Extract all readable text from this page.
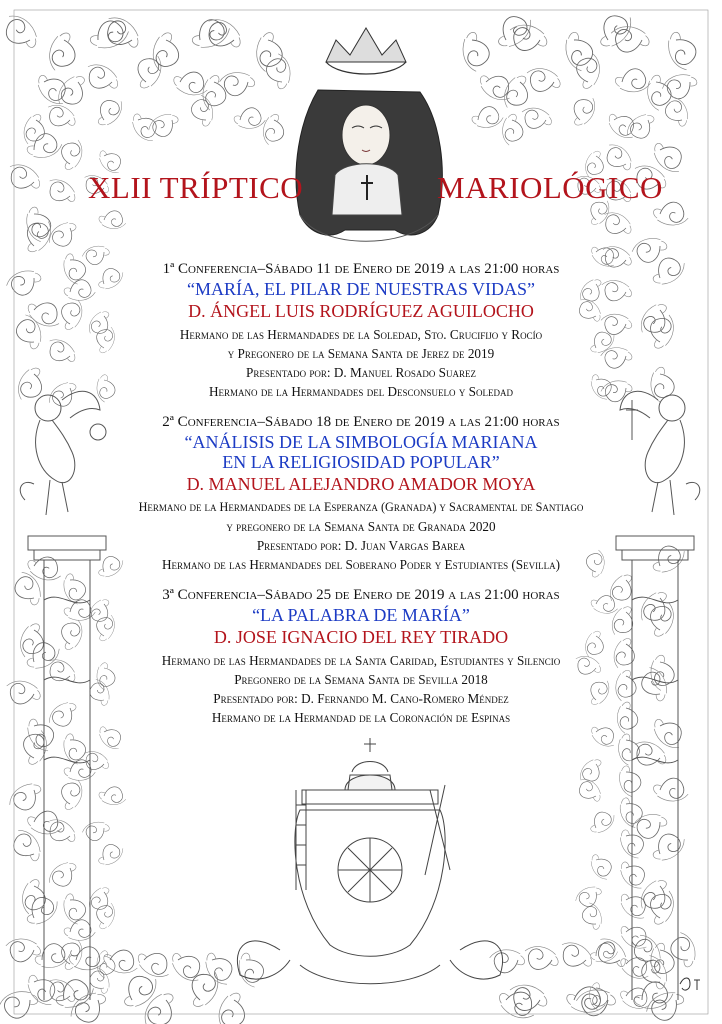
XLII TRÍPTICO	MARIOLÓGICO
1ª Conferencia–Sábado 11 de Enero de 2019 a las 21:00 horas
“MARÍA, EL PILAR DE NUESTRAS VIDAS”
D. ÁNGEL LUIS RODRÍGUEZ AGUILOCHO
Hermano de las Hermandades de la Soledad, Sto. Crucifijo y Rocío
y Pregonero de la Semana Santa de Jerez de 2019
Presentado por: D. Manuel Rosado Suarez
Hermano de la Hermandades del Desconsuelo y Soledad
2ª Conferencia–Sábado 18 de Enero de 2019 a las 21:00 horas
“ANÁLISIS DE LA SIMBOLOGÍA MARIANA
EN LA RELIGIOSIDAD POPULAR”
D. MANUEL ALEJANDRO AMADOR MOYA
Hermano de la Hermandades de la Esperanza (Granada) y Sacramental de Santiago
y pregonero de la Semana Santa de Granada 2020
Presentado por: D. Juan Vargas Barea
Hermano de las Hermandades del Soberano Poder y Estudiantes (Sevilla)
3ª Conferencia–Sábado 25 de Enero de 2019 a las 21:00 horas
“LA PALABRA DE MARÍA”
D. JOSE IGNACIO DEL REY TIRADO
Hermano de las Hermandades de la Santa Caridad, Estudiantes y Silencio
Pregonero de la Semana Santa de Sevilla 2018
Presentado por: D. Fernando M. Cano-Romero Méndez
Hermano de la Hermandad de la Coronación de Espinas
